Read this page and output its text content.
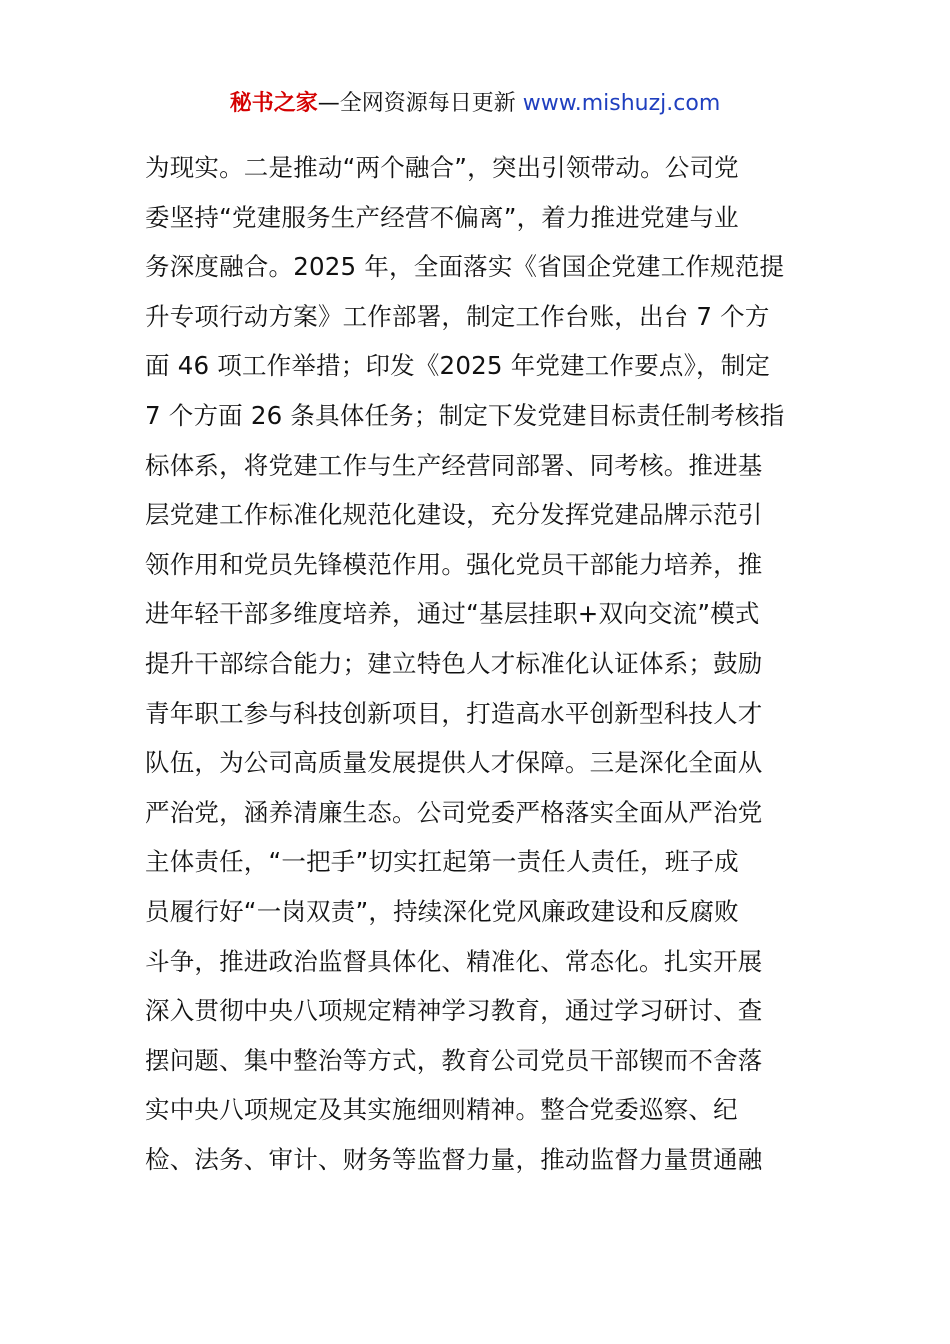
秘书之家—全网资源每日更新 www.mishuzj.com
为现实。二是推动“两个融合”，突出引领带动。公司党
委坚持“党建服务生产经营不偏离”，着力推进党建与业
务深度融合。2025 年，全面落实《省国企党建工作规范提
升专项行动方案》工作部署，制定工作台账，出台 7 个方
面 46 项工作举措；印发《2025 年党建工作要点》，制定
7 个方面 26 条具体任务；制定下发党建目标责任制考核指
标体系，将党建工作与生产经营同部署、同考核。推进基
层党建工作标准化规范化建设，充分发挥党建品牌示范引
领作用和党员先锋模范作用。强化党员干部能力培养，推
进年轻干部多维度培养，通过“基层挂职+双向交流”模式
提升干部综合能力；建立特色人才标准化认证体系；鼓励
青年职工参与科技创新项目，打造高水平创新型科技人才
队伍，为公司高质量发展提供人才保障。三是深化全面从
严治党，涵养清廉生态。公司党委严格落实全面从严治党
主体责任，“一把手”切实扛起第一责任人责任，班子成
员履行好“一岗双责”，持续深化党风廉政建设和反腐败
斗争，推进政治监督具体化、精准化、常态化。扎实开展
深入贯彻中央八项规定精神学习教育，通过学习研讨、查
摆问题、集中整治等方式，教育公司党员干部锲而不舍落
实中央八项规定及其实施细则精神。整合党委巡察、纪
检、法务、审计、财务等监督力量，推动监督力量贯通融
